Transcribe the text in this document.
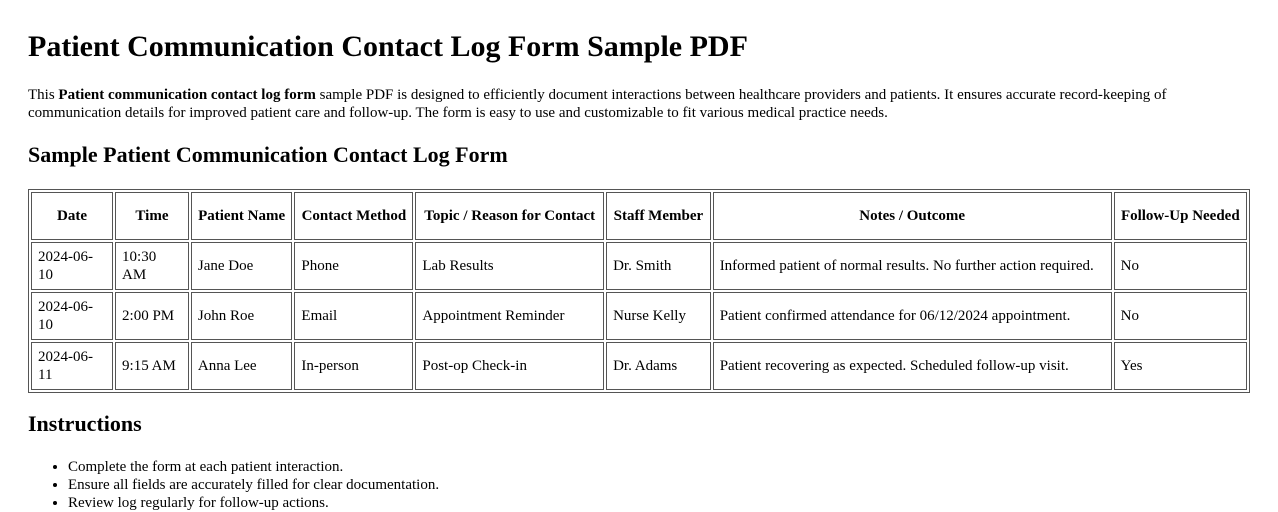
Patient Communication Contact Log Form Sample PDF

This Patient communication contact log form sample PDF is designed to efficiently document interactions between healthcare providers and patients. It ensures accurate record-keeping of communication details for improved patient care and follow-up. The form is easy to use and customizable to fit various medical practice needs.

Sample Patient Communication Contact Log Form
Date	Time	Patient Name	Contact Method	Topic / Reason for Contact	Staff Member	Notes / Outcome	Follow-Up Needed
2024-06-10	10:30 AM	Jane Doe	Phone	Lab Results	Dr. Smith	Informed patient of normal results. No further action required.	No
2024-06-10	2:00 PM	John Roe	Email	Appointment Reminder	Nurse Kelly	Patient confirmed attendance for 06/12/2024 appointment.	No
2024-06-11	9:15 AM	Anna Lee	In-person	Post-op Check-in	Dr. Adams	Patient recovering as expected. Scheduled follow-up visit.	Yes
Instructions
• Complete the form at each patient interaction.
• Ensure all fields are accurately filled for clear documentation.
• Review log regularly for follow-up actions.
